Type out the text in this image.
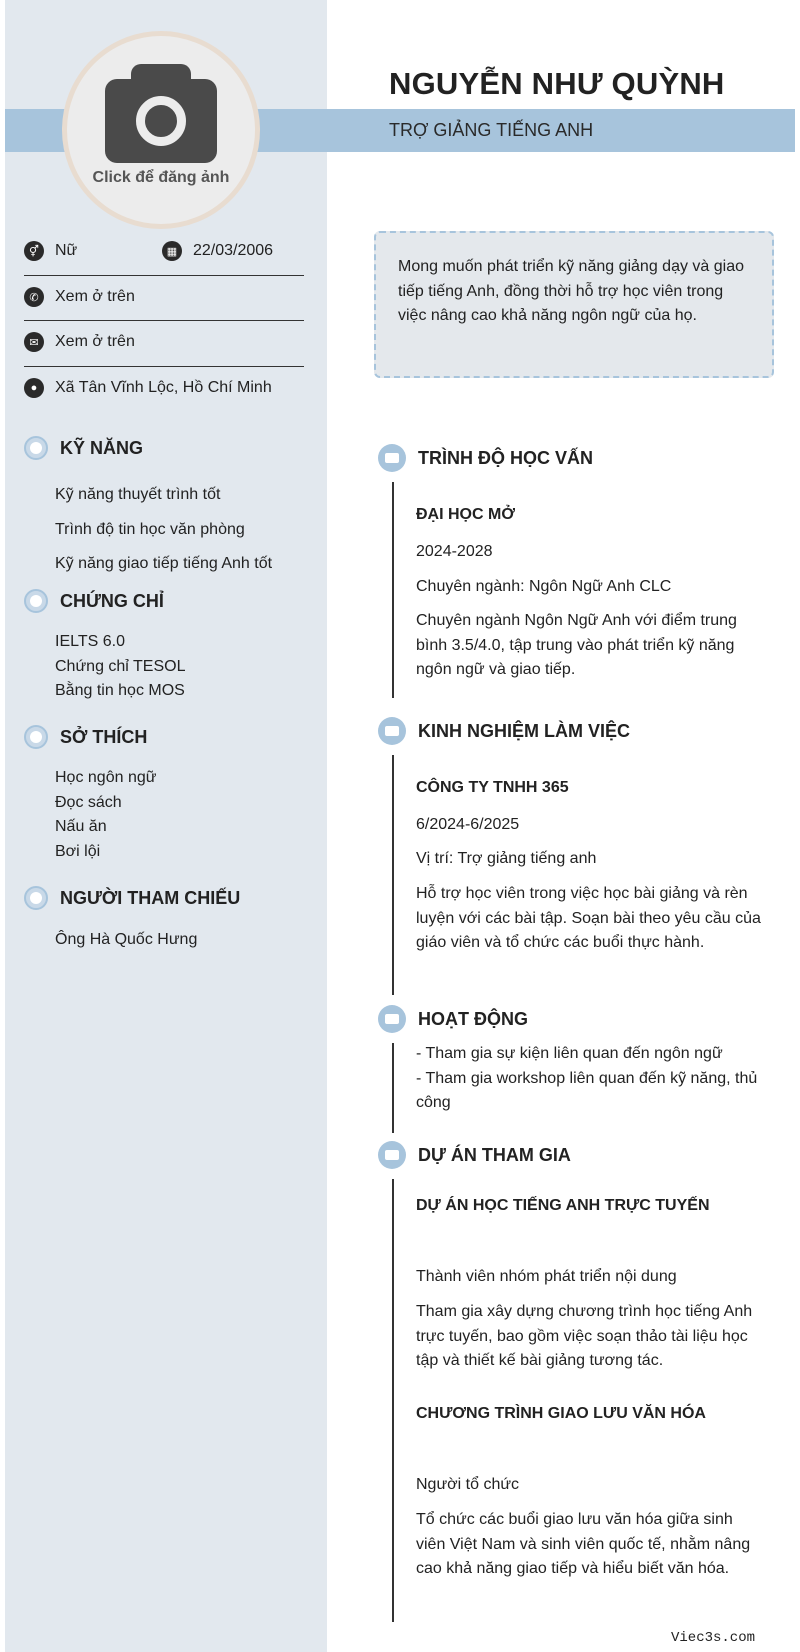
Click để đăng ảnh
NGUYỄN NHƯ QUỲNH
TRỢ GIẢNG TIẾNG ANH
⚥	Nữ	▦ 22/03/2006
✆	Xem ở trên
✉	Xem ở trên
●	Xã Tân Vĩnh Lộc, Hồ Chí Minh
KỸ NĂNG
Kỹ năng thuyết trình tốt
Trình độ tin học văn phòng
Kỹ năng giao tiếp tiếng Anh tốt
CHỨNG CHỈ
IELTS 6.0
Chứng chỉ TESOL
Bằng tin học MOS
SỞ THÍCH
Học ngôn ngữ
Đọc sách
Nấu ăn
Bơi lội
NGƯỜI THAM CHIẾU
Ông Hà Quốc Hưng
Mong muốn phát triển kỹ năng giảng dạy và giao tiếp tiếng Anh, đồng thời hỗ trợ học viên trong việc nâng cao khả năng ngôn ngữ của họ.
TRÌNH ĐỘ HỌC VẤN
ĐẠI HỌC MỞ
2024-2028
Chuyên ngành: Ngôn Ngữ Anh CLC
Chuyên ngành Ngôn Ngữ Anh với điểm trung bình 3.5/4.0, tập trung vào phát triển kỹ năng ngôn ngữ và giao tiếp.
KINH NGHIỆM LÀM VIỆC
CÔNG TY TNHH 365
6/2024-6/2025
Vị trí: Trợ giảng tiếng anh
Hỗ trợ học viên trong việc học bài giảng và rèn luyện với các bài tập. Soạn bài theo yêu cầu của giáo viên và tổ chức các buổi thực hành.
HOẠT ĐỘNG
- Tham gia sự kiện liên quan đến ngôn ngữ
- Tham gia workshop liên quan đến kỹ năng, thủ công
DỰ ÁN THAM GIA
DỰ ÁN HỌC TIẾNG ANH TRỰC TUYẾN
Thành viên nhóm phát triển nội dung
Tham gia xây dựng chương trình học tiếng Anh trực tuyến, bao gồm việc soạn thảo tài liệu học tập và thiết kế bài giảng tương tác.
CHƯƠNG TRÌNH GIAO LƯU VĂN HÓA
Người tổ chức
Tổ chức các buổi giao lưu văn hóa giữa sinh viên Việt Nam và sinh viên quốc tế, nhằm nâng cao khả năng giao tiếp và hiểu biết văn hóa.
Viec3s.com
